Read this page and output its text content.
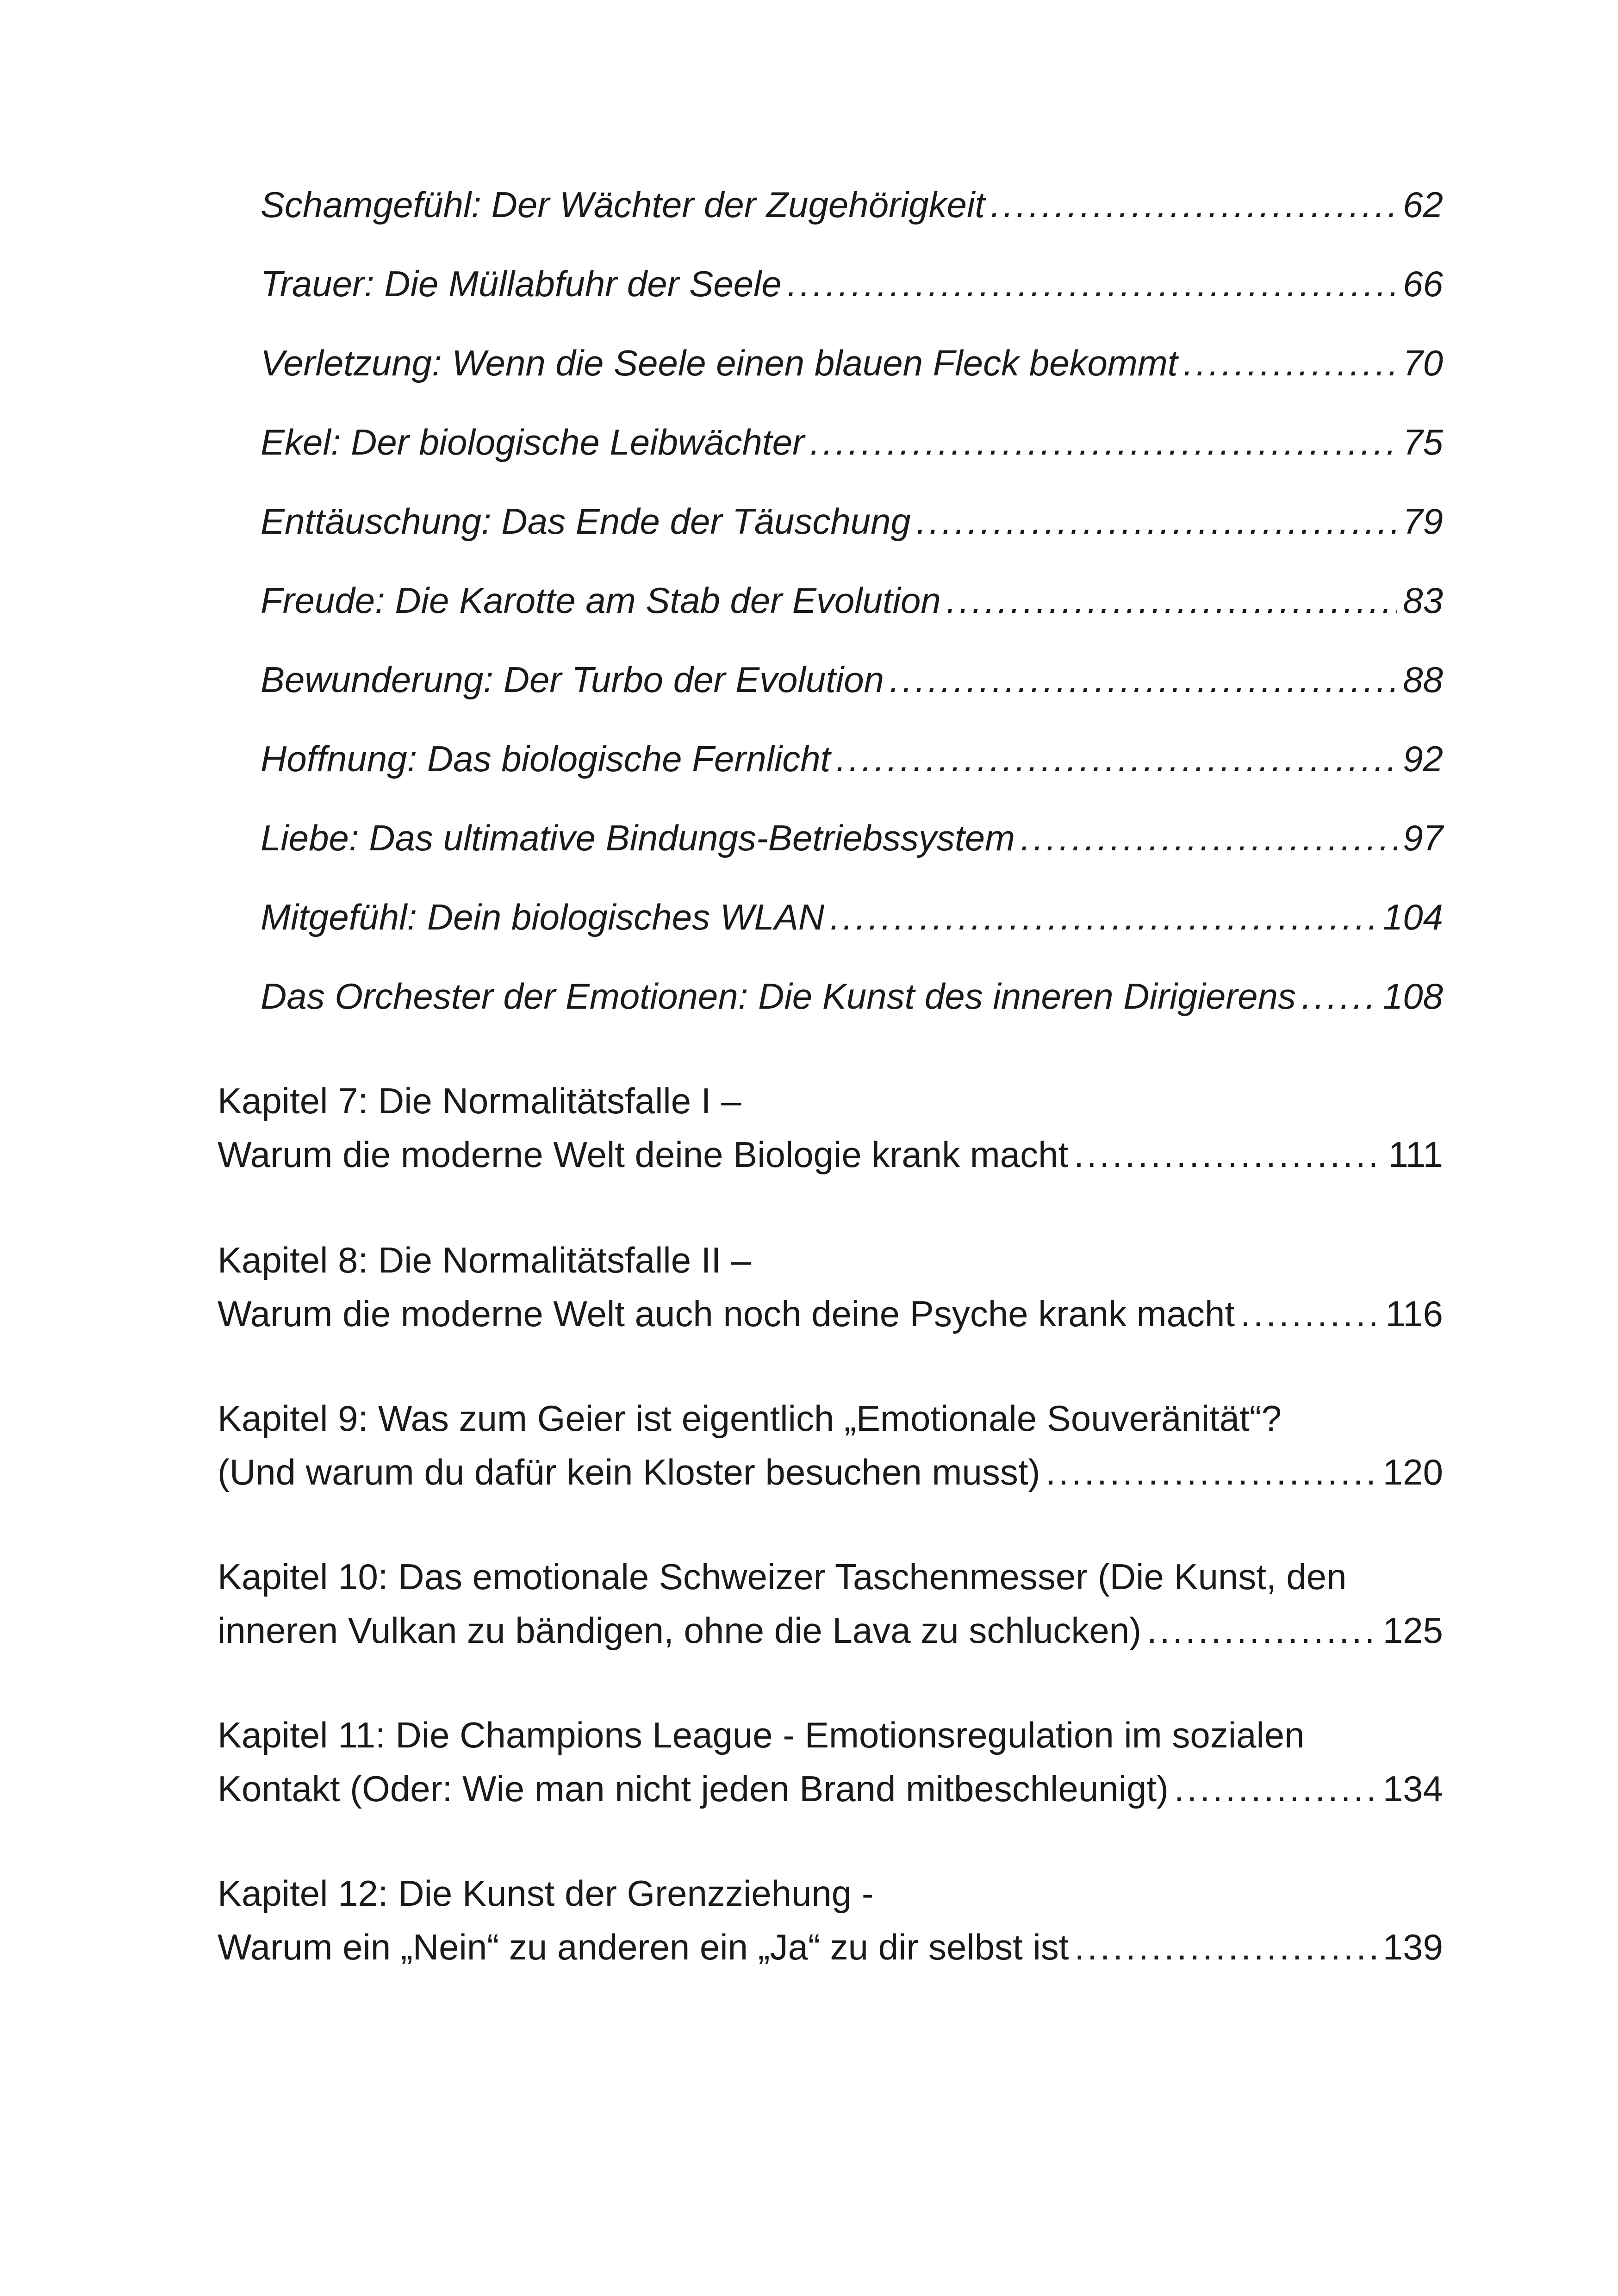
Schamgefühl: Der Wächter der Zugehörigkeit .....	62
Trauer: Die Müllabfuhr der Seele .....	66
Verletzung: Wenn die Seele einen blauen Fleck bekommt .....	70
Ekel: Der biologische Leibwächter .....	75
Enttäuschung: Das Ende der Täuschung .....	79
Freude: Die Karotte am Stab der Evolution .....	83
Bewunderung: Der Turbo der Evolution .....	88
Hoffnung: Das biologische Fernlicht .....	92
Liebe: Das ultimative Bindungs-Betriebssystem .....	97
Mitgefühl: Dein biologisches WLAN .....	104
Das Orchester der Emotionen: Die Kunst des inneren Dirigierens ..... 108
Kapitel 7: Die Normalitätsfalle I –
Warum die moderne Welt deine Biologie krank macht .....	111
Kapitel 8: Die Normalitätsfalle II –
Warum die moderne Welt auch noch deine Psyche krank macht .....	116
Kapitel 9: Was zum Geier ist eigentlich „Emotionale Souveränität“?
(Und warum du dafür kein Kloster besuchen musst) .....	120
Kapitel 10: Das emotionale Schweizer Taschenmesser (Die Kunst, den
inneren Vulkan zu bändigen, ohne die Lava zu schlucken) .....	125
Kapitel 11: Die Champions League - Emotionsregulation im sozialen
Kontakt (Oder: Wie man nicht jeden Brand mitbeschleunigt) .....	134
Kapitel 12: Die Kunst der Grenzziehung -
Warum ein „Nein“ zu anderen ein „Ja“ zu dir selbst ist .....	139
